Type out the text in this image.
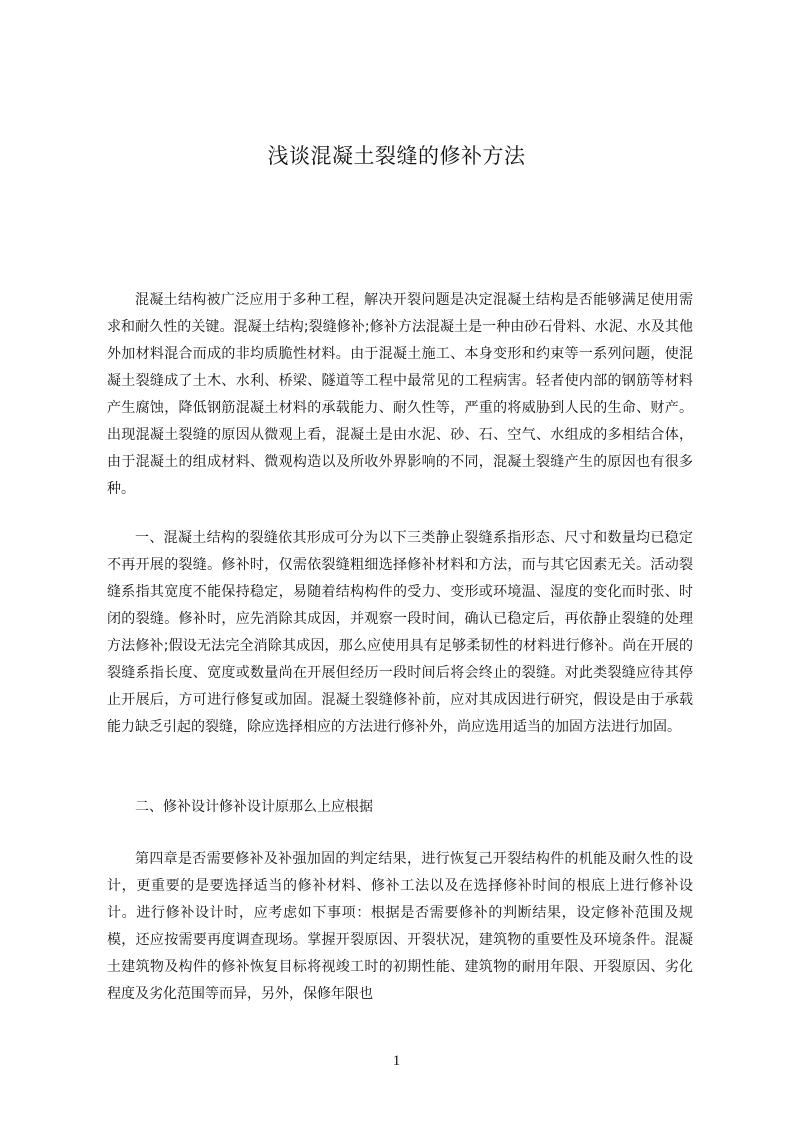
浅谈混凝土裂缝的修补方法

混凝土结构被广泛应用于多种工程，解决开裂问题是决定混凝土结构是否能够满足使用需求和耐久性的关键。混凝土结构;裂缝修补;修补方法混凝土是一种由砂石骨料、水泥、水及其他外加材料混合而成的非均质脆性材料。由于混凝土施工、本身变形和约束等一系列问题，使混凝土裂缝成了土木、水利、桥梁、隧道等工程中最常见的工程病害。轻者使内部的钢筋等材料产生腐蚀，降低钢筋混凝土材料的承载能力、耐久性等，严重的将威胁到人民的生命、财产。出现混凝土裂缝的原因从微观上看，混凝土是由水泥、砂、石、空气、水组成的多相结合体，由于混凝土的组成材料、微观构造以及所收外界影响的不同，混凝土裂缝产生的原因也有很多种。

一、混凝土结构的裂缝依其形成可分为以下三类静止裂缝系指形态、尺寸和数量均已稳定不再开展的裂缝。修补时，仅需依裂缝粗细选择修补材料和方法，而与其它因素无关。活动裂缝系指其宽度不能保持稳定，易随着结构构件的受力、变形或环境温、湿度的变化而时张、时闭的裂缝。修补时，应先消除其成因，并观察一段时间，确认已稳定后，再依静止裂缝的处理方法修补;假设无法完全消除其成因，那么应使用具有足够柔韧性的材料进行修补。尚在开展的裂缝系指长度、宽度或数量尚在开展但经历一段时间后将会终止的裂缝。对此类裂缝应待其停止开展后，方可进行修复或加固。混凝土裂缝修补前，应对其成因进行研究，假设是由于承载能力缺乏引起的裂缝，除应选择相应的方法进行修补外，尚应选用适当的加固方法进行加固。

二、修补设计修补设计原那么上应根据

第四章是否需要修补及补强加固的判定结果，进行恢复己开裂结构件的机能及耐久性的设计，更重要的是要选择适当的修补材料、修补工法以及在选择修补时间的根底上进行修补设计。进行修补设计时，应考虑如下事项：根据是否需要修补的判断结果，设定修补范围及规模，还应按需要再度调查现场。掌握开裂原因、开裂状况，建筑物的重要性及环境条件。混凝土建筑物及构件的修补恢复目标将视竣工时的初期性能、建筑物的耐用年限、开裂原因、劣化程度及劣化范围等而异，另外，保修年限也

1
